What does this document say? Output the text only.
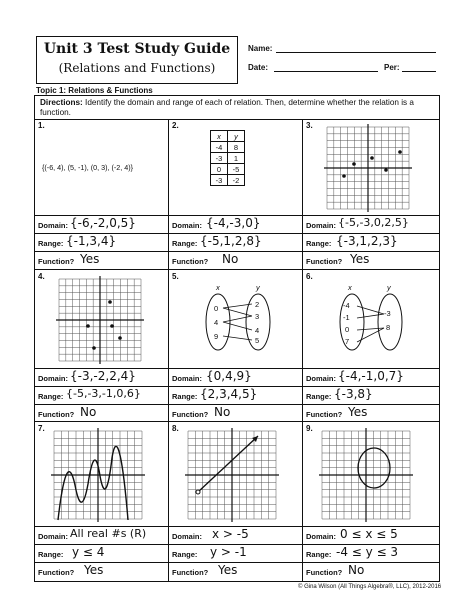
Unit 3 Test Study Guide
(Relations and Functions)
Name:
Date:	Per:
Topic 1: Relations & Functions
Directions: Identify the domain and range of each of relation. Then, determine whether the relation is a function.
1.	2.	3.
4.	5.	6.
7.	8.	9.
{(-6, 4), (5, -1), (0, 3), (-2, 4)}
x	y
-4	8
-3	1
0	-5
-3	-2
x	y
0
4
9
2
3
4
5
x	y
-4
-1
0
7
-3
8
Domain: {-6,-2,0,5}
Range: {-1,3,4}
Function? Yes
Domain: {-4,-3,0}
Range: {-5,1,2,8}
Function? No
Domain: {-5,-3,0,2,5}
Range: {-3,1,2,3}
Function? Yes
Domain: {-3,-2,2,4}
Range: {-5,-3,-1,0,6}
Function? No
Domain: {0,4,9}
Range: {2,3,4,5}
Function? No
Domain: {-4,-1,0,7}
Range: {-3,8}
Function? Yes
Domain: All real #s (R)
Range: y ≤ 4
Function? Yes
Domain: x > -5
Range: y > -1
Function? Yes
Domain: 0 ≤ x ≤ 5
Range: -4 ≤ y ≤ 3
Function? No
© Gina Wilson (All Things Algebra®, LLC), 2012-2016
